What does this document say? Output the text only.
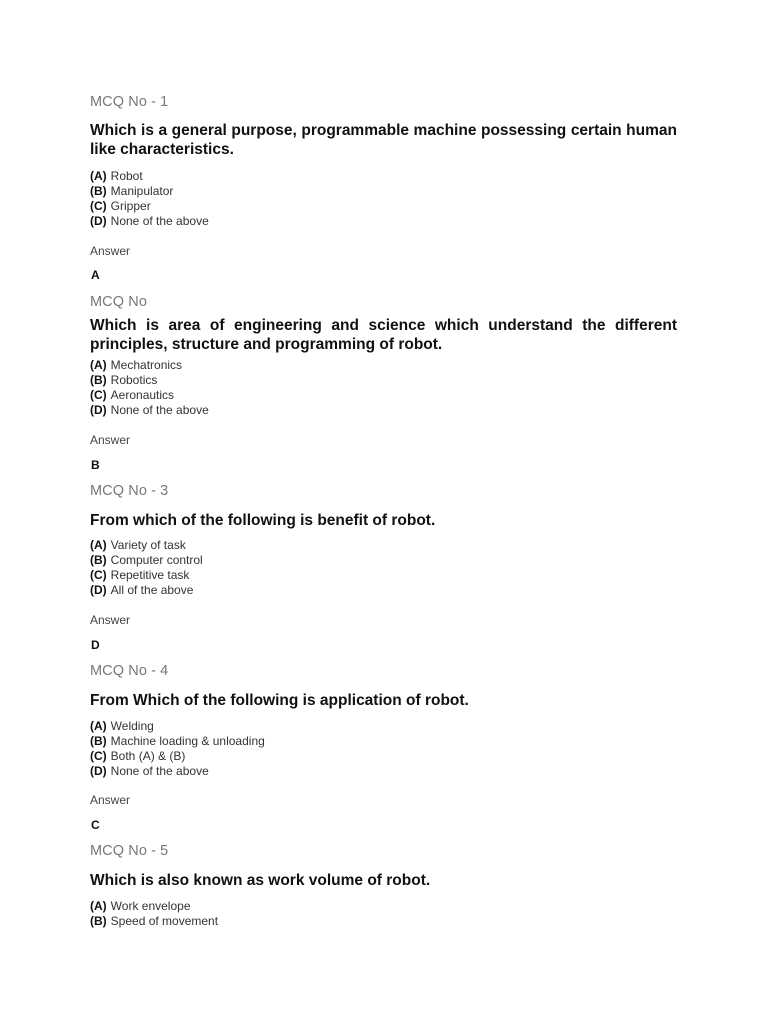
MCQ No - 1
Which is a general purpose, programmable machine possessing certain human like characteristics.
(A) Robot
(B) Manipulator
(C) Gripper
(D) None of the above
Answer
A
MCQ No
Which is area of engineering and science which understand the different principles, structure and programming of robot.
(A) Mechatronics
(B) Robotics
(C) Aeronautics
(D) None of the above
Answer
B
MCQ No - 3
From which of the following is benefit of robot.
(A) Variety of task
(B) Computer control
(C) Repetitive task
(D) All of the above
Answer
D
MCQ No - 4
From Which of the following is application of robot.
(A) Welding
(B) Machine loading & unloading
(C) Both (A) & (B)
(D) None of the above
Answer
C
MCQ No - 5
Which is also known as work volume of robot.
(A) Work envelope
(B) Speed of movement
